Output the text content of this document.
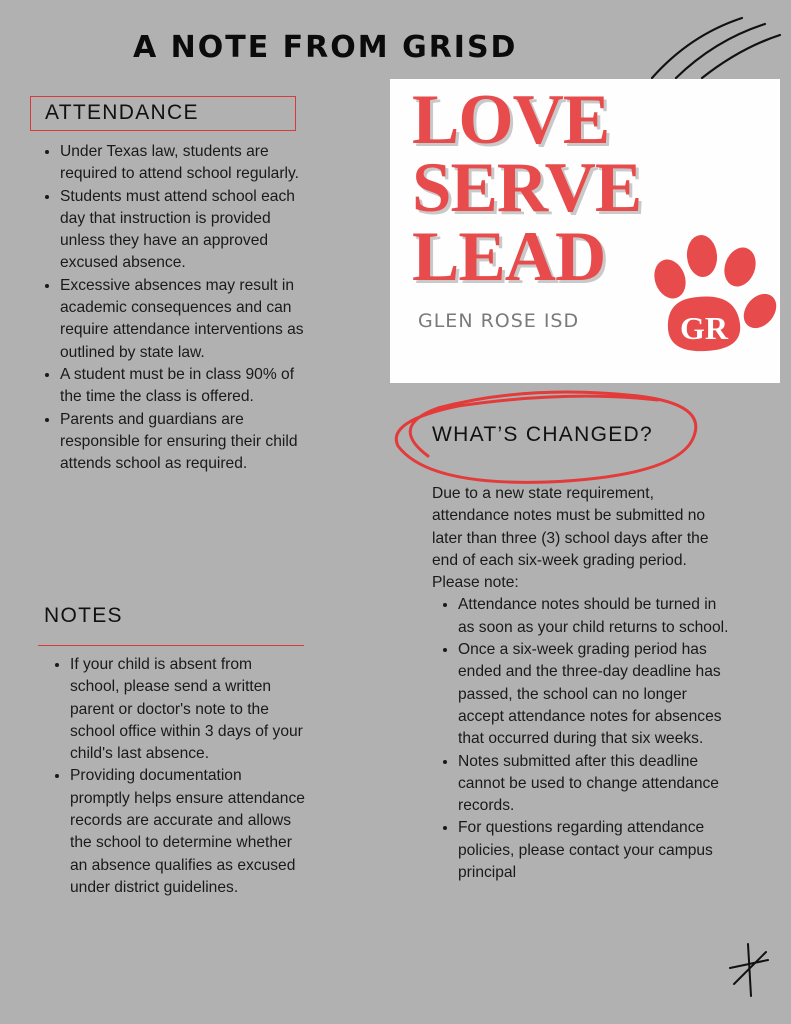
A NOTE FROM GRISD
ATTENDANCE
• Under Texas law, students are required to attend school regularly.
• Students must attend school each day that instruction is provided unless they have an approved excused absence.
• Excessive absences may result in academic consequences and can require attendance interventions as outlined by state law.
• A student must be in class 90% of the time the class is offered.
• Parents and guardians are responsible for ensuring their child attends school as required.
NOTES
• If your child is absent from school, please send a written parent or doctor's note to the school office within 3 days of your child's last absence.
• Providing documentation promptly helps ensure attendance records are accurate and allows the school to determine whether an absence qualifies as excused under district guidelines.
LOVE
SERVE
LEAD
GLEN ROSE ISD	GR
WHAT’S CHANGED?

Due to a new state requirement, attendance notes must be submitted no later than three (3) school days after the end of each six-week grading period.

Please note:

• Attendance notes should be turned in as soon as your child returns to school.
• Once a six-week grading period has ended and the three-day deadline has passed, the school can no longer accept attendance notes for absences that occurred during that six weeks.
• Notes submitted after this deadline cannot be used to change attendance records.
• For questions regarding attendance policies, please contact your campus principal
